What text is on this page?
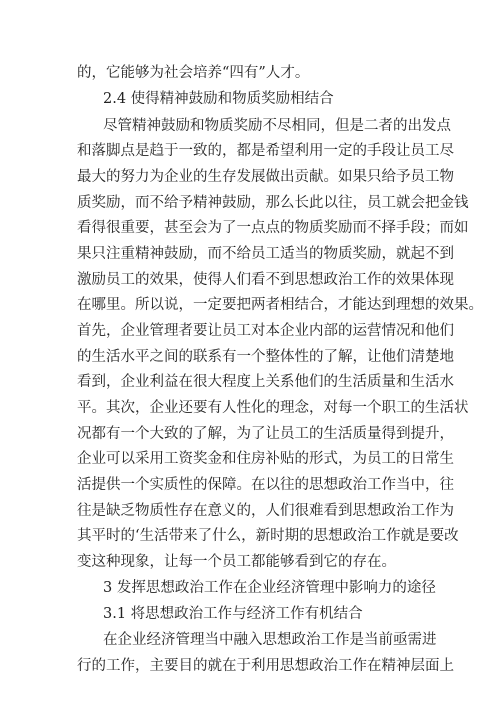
的，它能够为社会培养“四有”人才。
2.4 使得精神鼓励和物质奖励相结合
尽管精神鼓励和物质奖励不尽相同，但是二者的出发点
和落脚点是趋于一致的，都是希望利用一定的手段让员工尽
最大的努力为企业的生存发展做出贡献。如果只给予员工物
质奖励，而不给予精神鼓励，那么长此以往，员工就会把金钱
看得很重要，甚至会为了一点点的物质奖励而不择手段；而如
果只注重精神鼓励，而不给员工适当的物质奖励，就起不到
激励员工的效果，使得人们看不到思想政治工作的效果体现
在哪里。所以说，一定要把两者相结合，才能达到理想的效果。
首先，企业管理者要让员工对本企业内部的运营情况和他们
的生活水平之间的联系有一个整体性的了解，让他们清楚地
看到，企业利益在很大程度上关系他们的生活质量和生活水
平。其次，企业还要有人性化的理念，对每一个职工的生活状
况都有一个大致的了解，为了让员工的生活质量得到提升，
企业可以采用工资奖金和住房补贴的形式，为员工的日常生
活提供一个实质性的保障。在以往的思想政治工作当中，往
往是缺乏物质性存在意义的，人们很难看到思想政治工作为
其平时的‘生活带来了什么，新时期的思想政治工作就是要改
变这种现象，让每一个员工都能够看到它的存在。
3 发挥思想政治工作在企业经济管理中影响力的途径
3.1 将思想政治工作与经济工作有机结合
在企业经济管理当中融入思想政治工作是当前亟需进
行的工作，主要目的就在于利用思想政治工作在精神层面上
